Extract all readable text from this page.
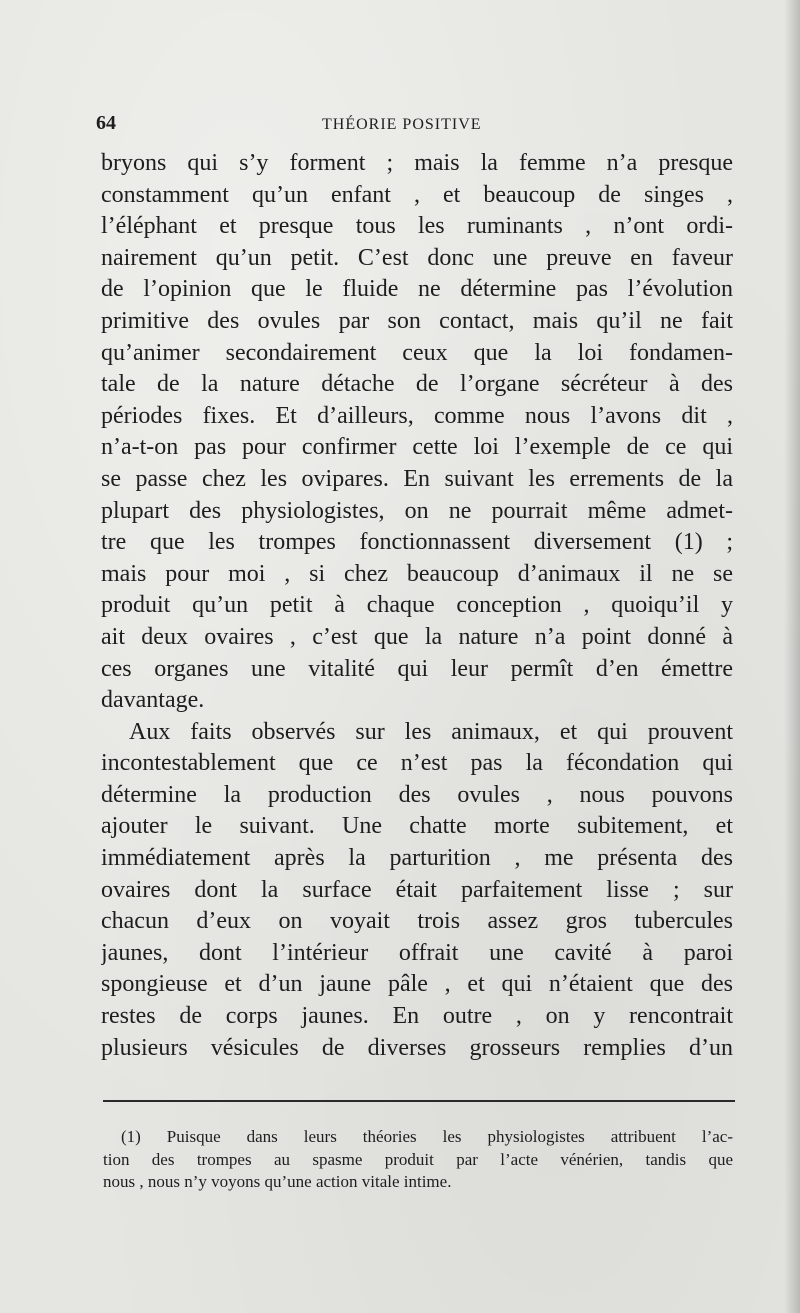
64	THÉORIE POSITIVE
bryons qui s’y forment ; mais la femme n’a presque
constamment qu’un enfant , et beaucoup de singes ,
l’éléphant et presque tous les ruminants , n’ont ordi-
nairement qu’un petit. C’est donc une preuve en faveur
de l’opinion que le fluide ne détermine pas l’évolution
primitive des ovules par son contact, mais qu’il ne fait
qu’animer secondairement ceux que la loi fondamen-
tale de la nature détache de l’organe sécréteur à des
périodes fixes. Et d’ailleurs, comme nous l’avons dit ,
n’a-t-on pas pour confirmer cette loi l’exemple de ce qui
se passe chez les ovipares. En suivant les errements de la
plupart des physiologistes, on ne pourrait même admet-
tre que les trompes fonctionnassent diversement (1) ;
mais pour moi , si chez beaucoup d’animaux il ne se
produit qu’un petit à chaque conception , quoiqu’il y
ait deux ovaires , c’est que la nature n’a point donné à
ces organes une vitalité qui leur permît d’en émettre
davantage.
Aux faits observés sur les animaux, et qui prouvent
incontestablement que ce n’est pas la fécondation qui
détermine la production des ovules , nous pouvons
ajouter le suivant. Une chatte morte subitement, et
immédiatement après la parturition , me présenta des
ovaires dont la surface était parfaitement lisse ; sur
chacun d’eux on voyait trois assez gros tubercules
jaunes, dont l’intérieur offrait une cavité à paroi
spongieuse et d’un jaune pâle , et qui n’étaient que des
restes de corps jaunes. En outre , on y rencontrait
plusieurs vésicules de diverses grosseurs remplies d’un
(1) Puisque dans leurs théories les physiologistes attribuent l’ac-
tion des trompes au spasme produit par l’acte vénérien, tandis que
nous , nous n’y voyons qu’une action vitale intime.
